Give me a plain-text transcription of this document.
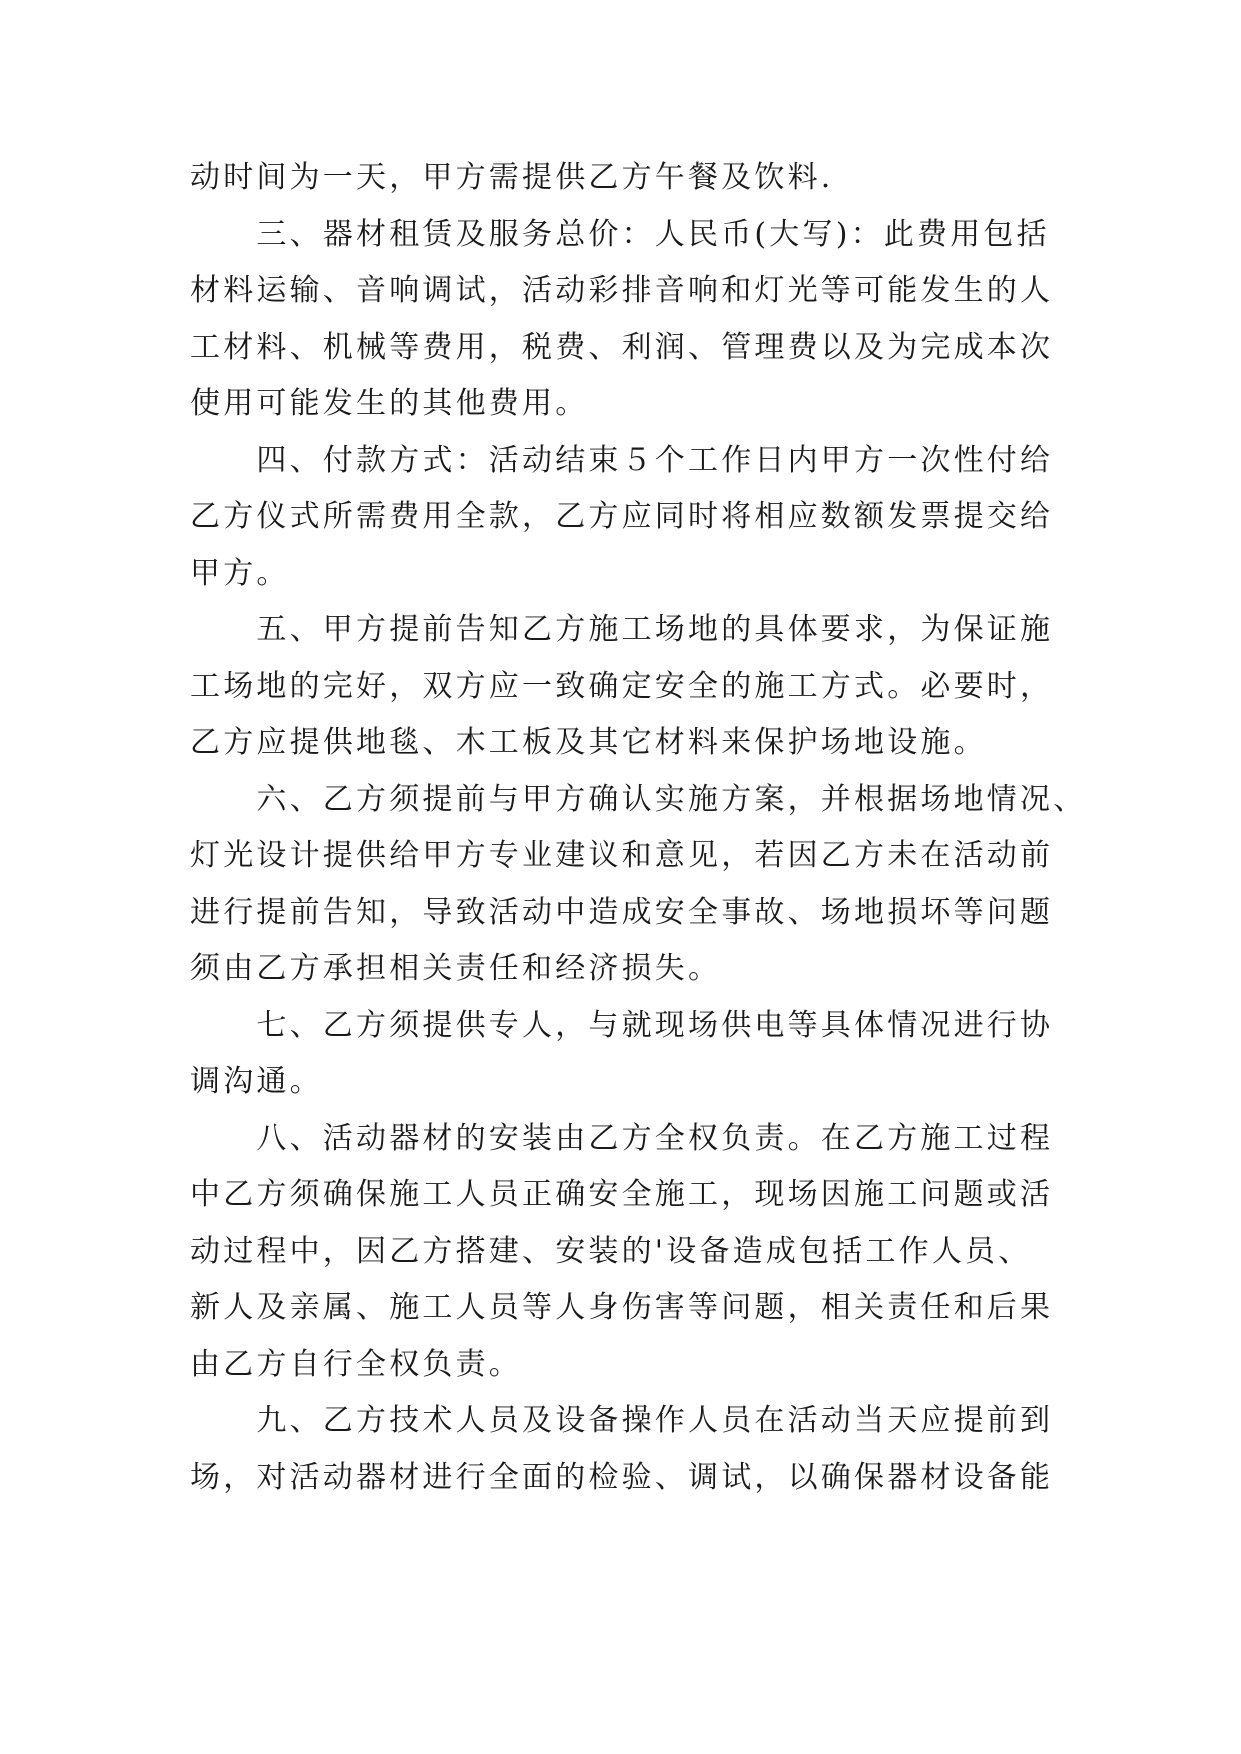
动时间为一天，甲方需提供乙方午餐及饮料.

　　三、器材租赁及服务总价：人民币(大写)：此费用包括

材料运输、音响调试，活动彩排音响和灯光等可能发生的人

工材料、机械等费用，税费、利润、管理费以及为完成本次

使用可能发生的其他费用。

　　四、付款方式：活动结束５个工作日内甲方一次性付给

乙方仪式所需费用全款，乙方应同时将相应数额发票提交给

甲方。

　　五、甲方提前告知乙方施工场地的具体要求，为保证施

工场地的完好，双方应一致确定安全的施工方式。必要时，

乙方应提供地毯、木工板及其它材料来保护场地设施。

　　六、乙方须提前与甲方确认实施方案，并根据场地情况、

灯光设计提供给甲方专业建议和意见，若因乙方未在活动前

进行提前告知，导致活动中造成安全事故、场地损坏等问题

须由乙方承担相关责任和经济损失。

　　七、乙方须提供专人，与就现场供电等具体情况进行协

调沟通。

　　八、活动器材的安装由乙方全权负责。在乙方施工过程

中乙方须确保施工人员正确安全施工，现场因施工问题或活

动过程中，因乙方搭建、安装的'设备造成包括工作人员、

新人及亲属、施工人员等人身伤害等问题，相关责任和后果

由乙方自行全权负责。

　　九、乙方技术人员及设备操作人员在活动当天应提前到

场，对活动器材进行全面的检验、调试，以确保器材设备能
